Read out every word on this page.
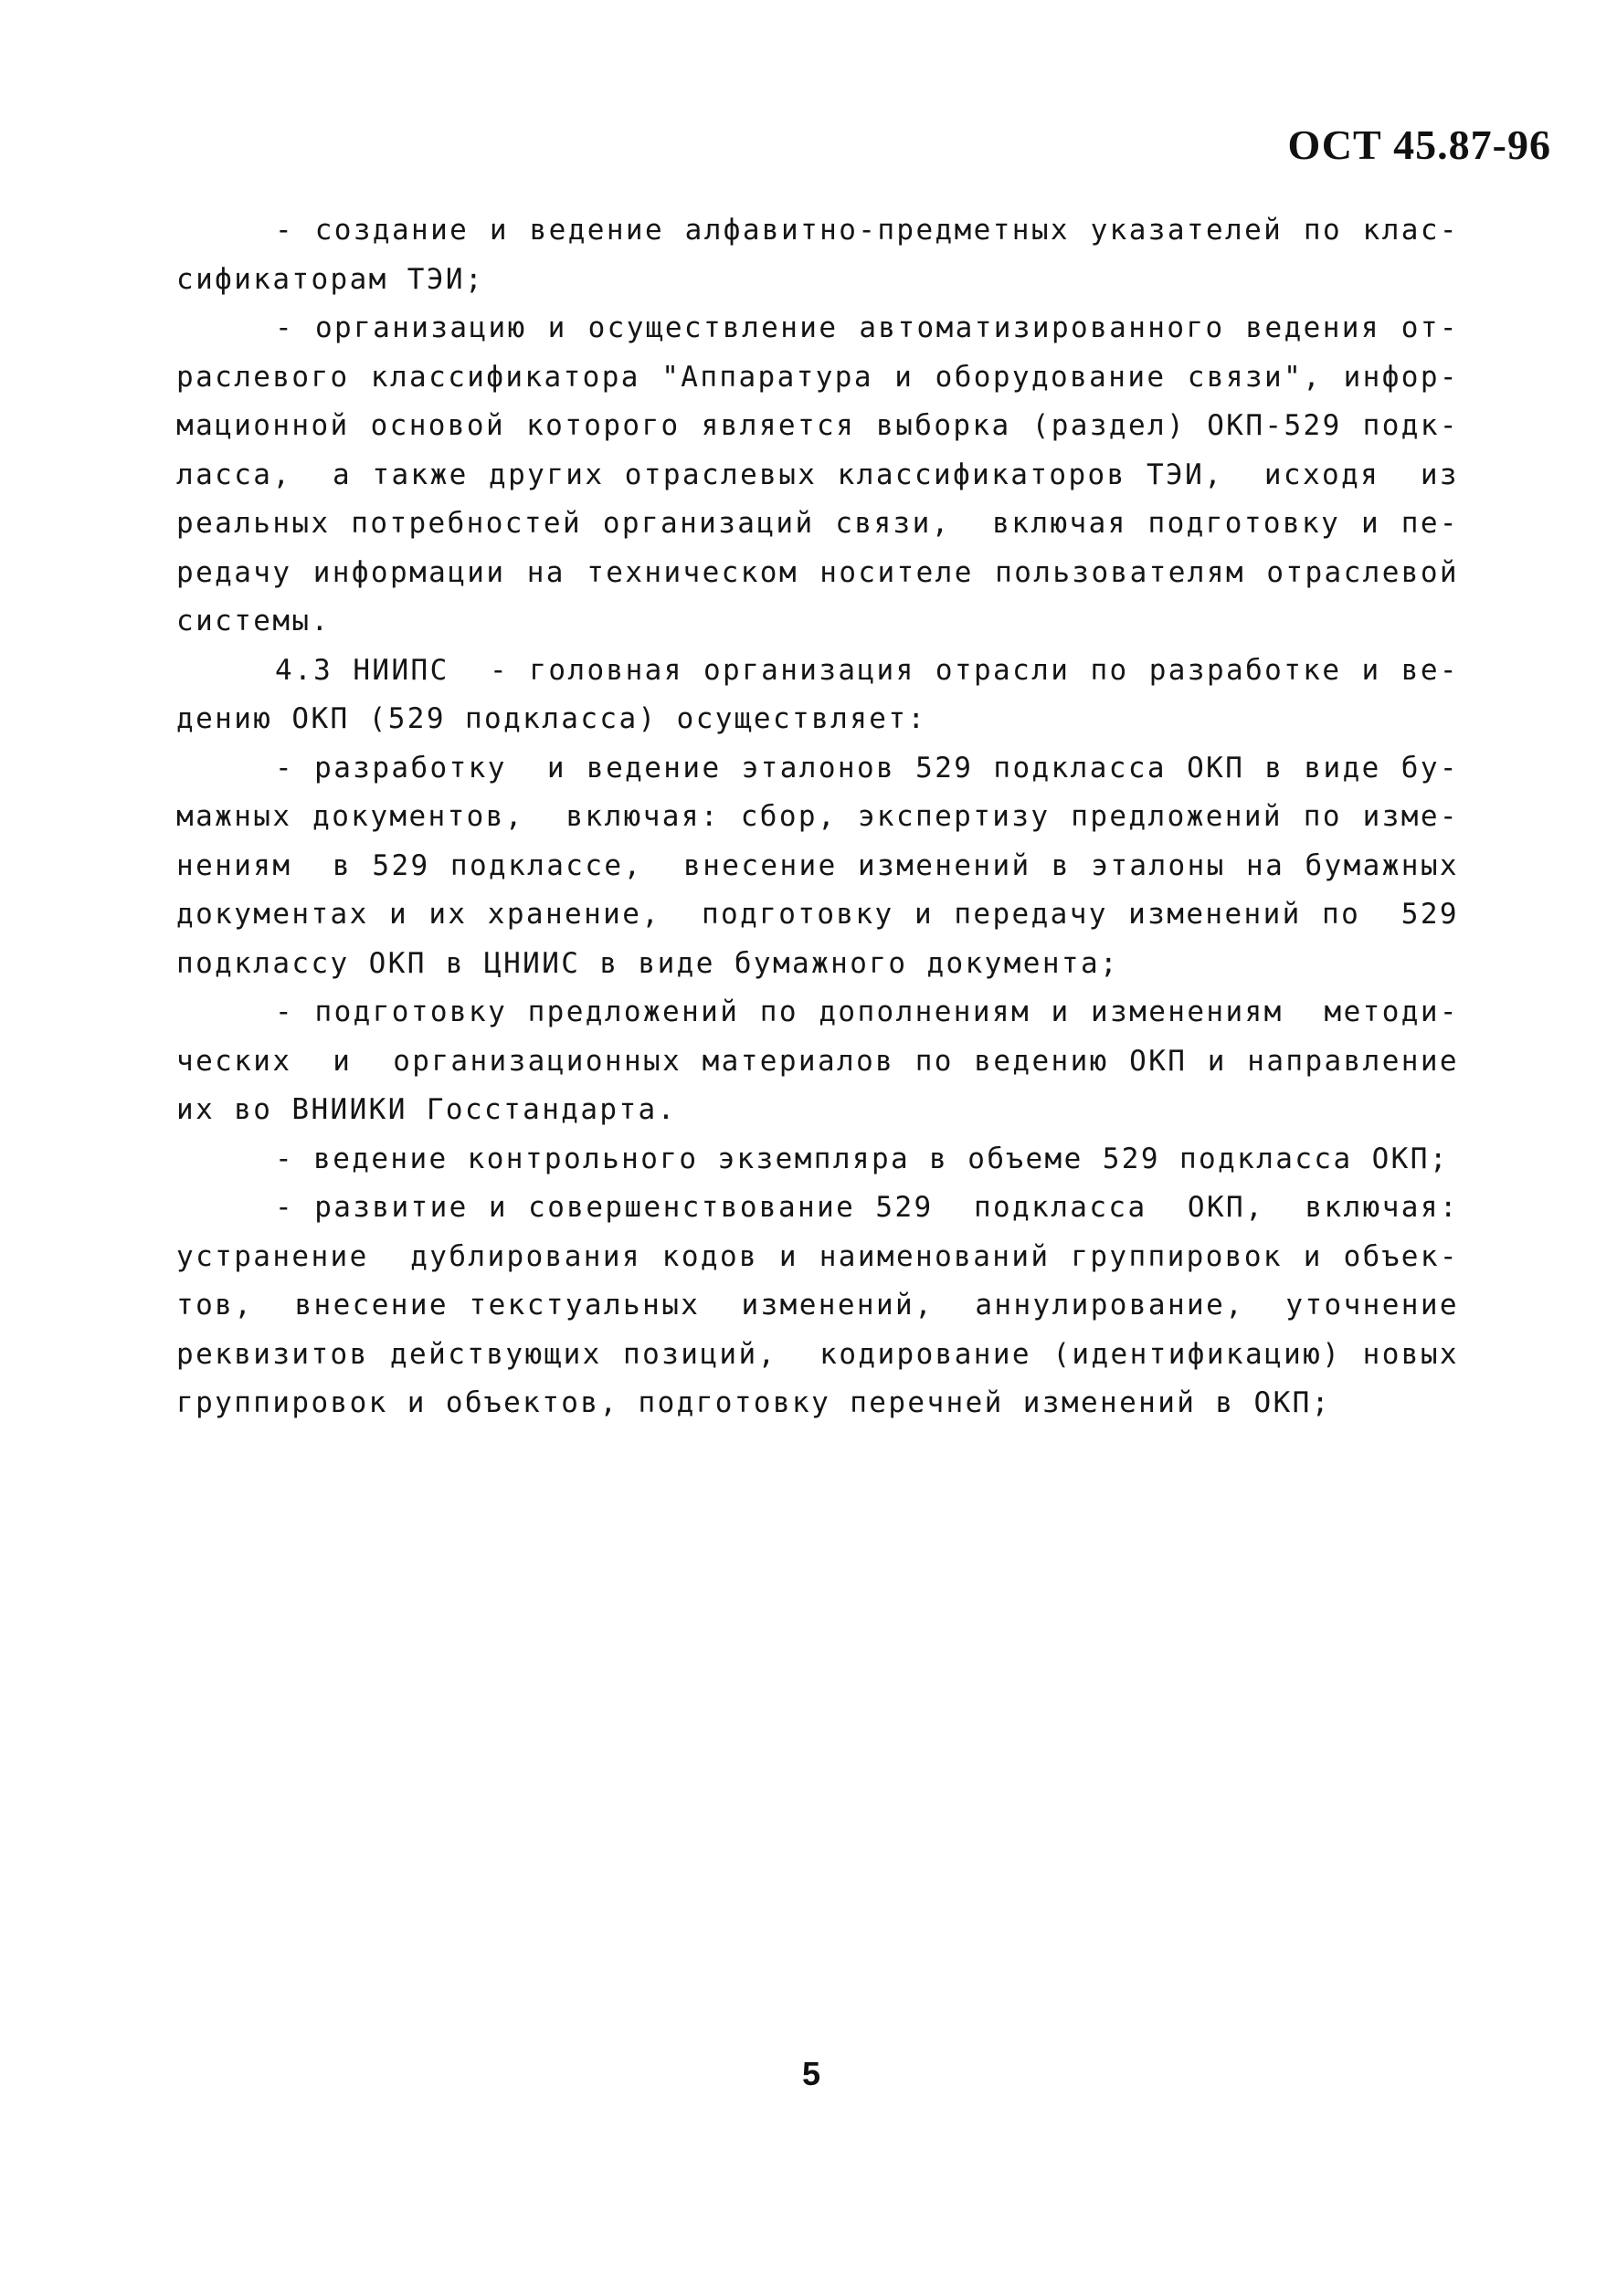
ОСТ 45.87-96
- создание и ведение алфавитно-предметных указателей по клас-
сификаторам ТЭИ;
- организацию и осуществление автоматизированного ведения от-
раслевого классификатора "Аппаратура и оборудование связи", инфор-
мационной основой которого является выборка (раздел) ОКП-529 подк-
ласса,  а также других отраслевых классификаторов ТЭИ,  исходя  из
реальных потребностей организаций связи,  включая подготовку и пе-
редачу информации на техническом носителе пользователям отраслевой
системы.
4.3 НИИПС  - головная организация отрасли по разработке и ве-
дению ОКП (529 подкласса) осуществляет:
- разработку  и ведение эталонов 529 подкласса ОКП в виде бу-
мажных документов,  включая: сбор, экспертизу предложений по изме-
нениям  в 529 подклассе,  внесение изменений в эталоны на бумажных
документах и их хранение,  подготовку и передачу изменений по  529
подклассу ОКП в ЦНИИС в виде бумажного документа;
- подготовку предложений по дополнениям и изменениям  методи-
ческих  и  организационных материалов по ведению ОКП и направление
их во ВНИИКИ Госстандарта.
- ведение контрольного экземпляра в объеме 529 подкласса ОКП;
- развитие и совершенствование 529  подкласса  ОКП,  включая:
устранение  дублирования кодов и наименований группировок и объек-
тов,  внесение текстуальных  изменений,  аннулирование,  уточнение
реквизитов действующих позиций,  кодирование (идентификацию) новых
группировок и объектов, подготовку перечней изменений в ОКП;
5
